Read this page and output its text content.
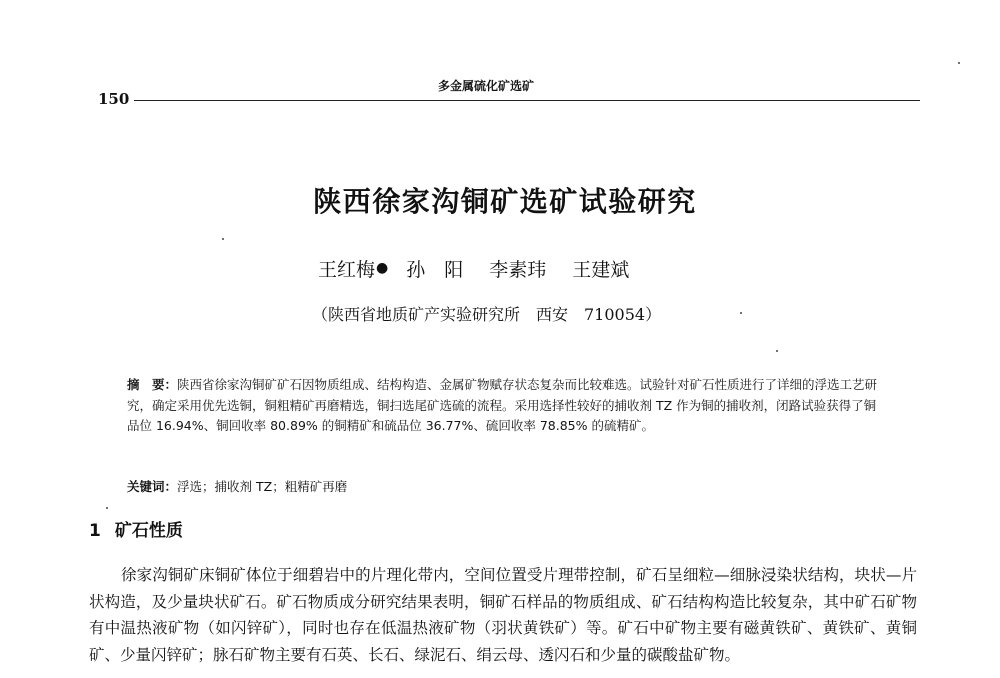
150
多金属硫化矿选矿
陕西徐家沟铜矿选矿试验研究
王红梅● 孙　阳 李素玮 王建斌
（陕西省地质矿产实验研究所　西安　710054）
摘　要：陕西省徐家沟铜矿矿石因物质组成、结构构造、金属矿物赋存状态复杂而比较难选。试验针对矿石性质进行了详细的浮选工艺研究，确定采用优先选铜，铜粗精矿再磨精选，铜扫选尾矿选硫的流程。采用选择性较好的捕收剂 TZ 作为铜的捕收剂，闭路试验获得了铜品位 16.94%、铜回收率 80.89% 的铜精矿和硫品位 36.77%、硫回收率 78.85% 的硫精矿。
关键词：浮选；捕收剂 TZ；粗精矿再磨
1 矿石性质
徐家沟铜矿床铜矿体位于细碧岩中的片理化带内，空间位置受片理带控制，矿石呈细粒—细脉浸染状结构，块状—片状构造，及少量块状矿石。矿石物质成分研究结果表明，铜矿石样品的物质组成、矿石结构构造比较复杂，其中矿石矿物有中温热液矿物（如闪锌矿），同时也存在低温热液矿物（羽状黄铁矿）等。矿石中矿物主要有磁黄铁矿、黄铁矿、黄铜矿、少量闪锌矿；脉石矿物主要有石英、长石、绿泥石、绢云母、透闪石和少量的碳酸盐矿物。
